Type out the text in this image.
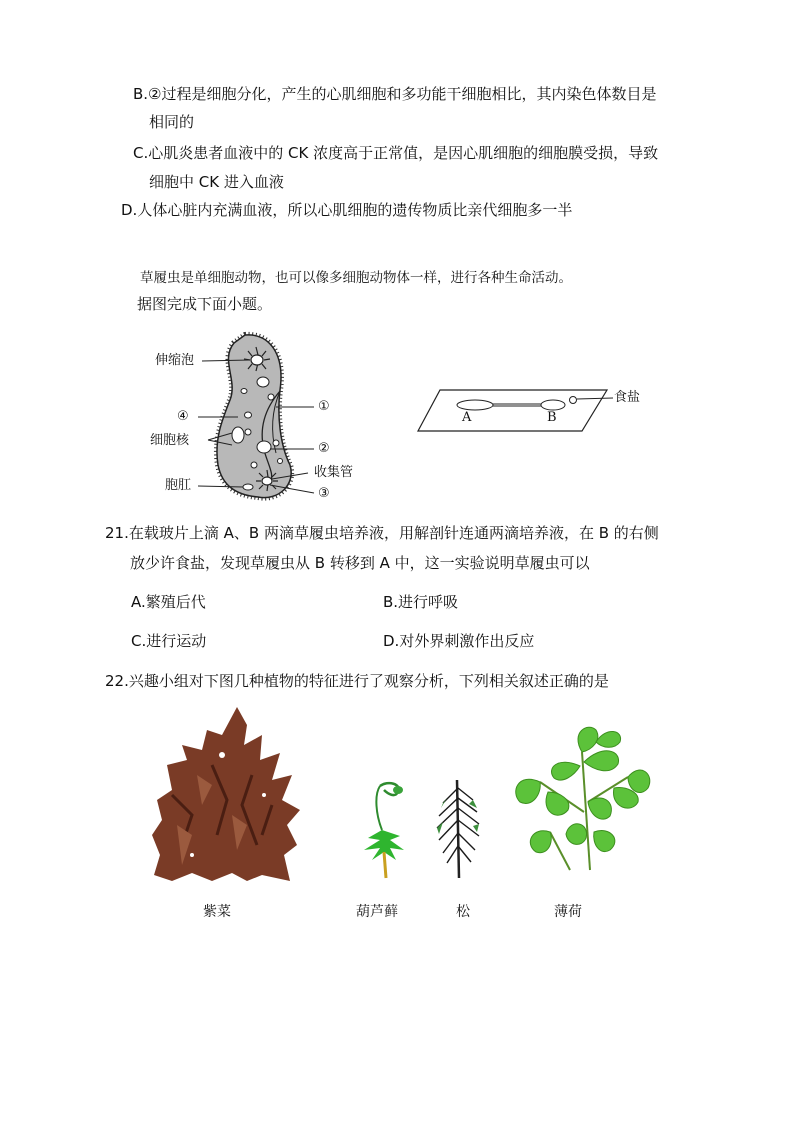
B.②过程是细胞分化，产生的心肌细胞和多功能干细胞相比，其内染色体数目是
相同的
C.心肌炎患者血液中的 CK 浓度高于正常值，是因心肌细胞的细胞膜受损，导致
细胞中 CK 进入血液
D.人体心脏内充满血液，所以心肌细胞的遗传物质比亲代细胞多一半
草履虫是单细胞动物，也可以像多细胞动物体一样，进行各种生命活动。
据图完成下面小题。
伸缩泡
④
细胞核
胞肛
①
②
收集管
③
A	B
食盐
21.在载玻片上滴 A、B 两滴草履虫培养液，用解剖针连通两滴培养液，在 B 的右侧
放少许食盐，发现草履虫从 B 转移到 A 中，这一实验说明草履虫可以
A.繁殖后代	B.进行呼吸
C.进行运动	D.对外界刺激作出反应
22.兴趣小组对下图几种植物的特征进行了观察分析，下列相关叙述正确的是
紫菜	葫芦藓	松	薄荷
